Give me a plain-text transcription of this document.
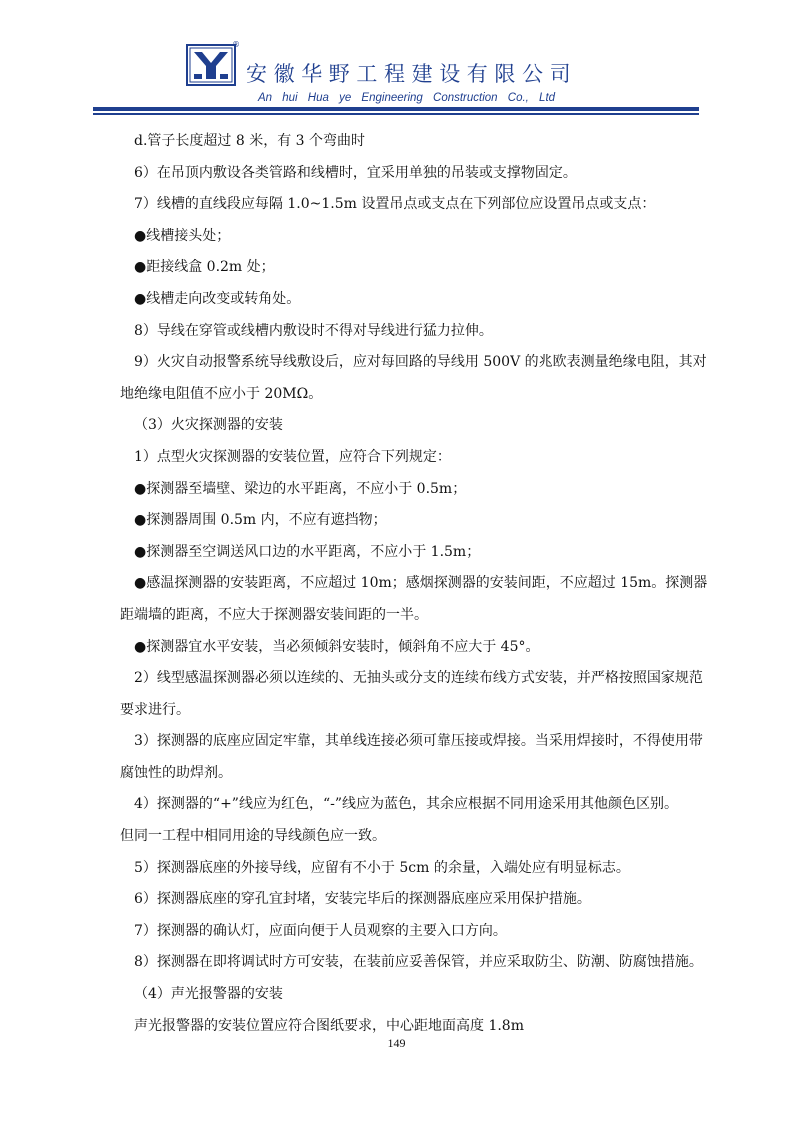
®
安徽华野工程建设有限公司
An hui Hua ye Engineering Construction Co., Ltd

d.管子长度超过 8 米，有 3 个弯曲时

6）在吊顶内敷设各类管路和线槽时，宜采用单独的吊装或支撑物固定。

7）线槽的直线段应每隔 1.0~1.5m 设置吊点或支点在下列部位应设置吊点或支点：

●线槽接头处；

●距接线盒 0.2m 处；

●线槽走向改变或转角处。

8）导线在穿管或线槽内敷设时不得对导线进行猛力拉伸。

9）火灾自动报警系统导线敷设后，应对每回路的导线用 500V 的兆欧表测量绝缘电阻，其对

地绝缘电阻值不应小于 20MΩ。

（3）火灾探测器的安装

1）点型火灾探测器的安装位置，应符合下列规定：

●探测器至墙壁、梁边的水平距离，不应小于 0.5m；

●探测器周围 0.5m 内，不应有遮挡物；

●探测器至空调送风口边的水平距离，不应小于 1.5m；

●感温探测器的安装距离，不应超过 10m；感烟探测器的安装间距，不应超过 15m。探测器

距端墙的距离，不应大于探测器安装间距的一半。

●探测器宜水平安装，当必须倾斜安装时，倾斜角不应大于 45°。

2）线型感温探测器必须以连续的、无抽头或分支的连续布线方式安装，并严格按照国家规范

要求进行。

3）探测器的底座应固定牢靠，其单线连接必须可靠压接或焊接。当采用焊接时，不得使用带

腐蚀性的助焊剂。

4）探测器的“+”线应为红色，“-”线应为蓝色，其余应根据不同用途采用其他颜色区别。

但同一工程中相同用途的导线颜色应一致。

5）探测器底座的外接导线，应留有不小于 5cm 的余量，入端处应有明显标志。

6）探测器底座的穿孔宜封堵，安装完毕后的探测器底座应采用保护措施。

7）探测器的确认灯，应面向便于人员观察的主要入口方向。

8）探测器在即将调试时方可安装，在装前应妥善保管，并应采取防尘、防潮、防腐蚀措施。

（4）声光报警器的安装

声光报警器的安装位置应符合图纸要求，中心距地面高度 1.8m

149
